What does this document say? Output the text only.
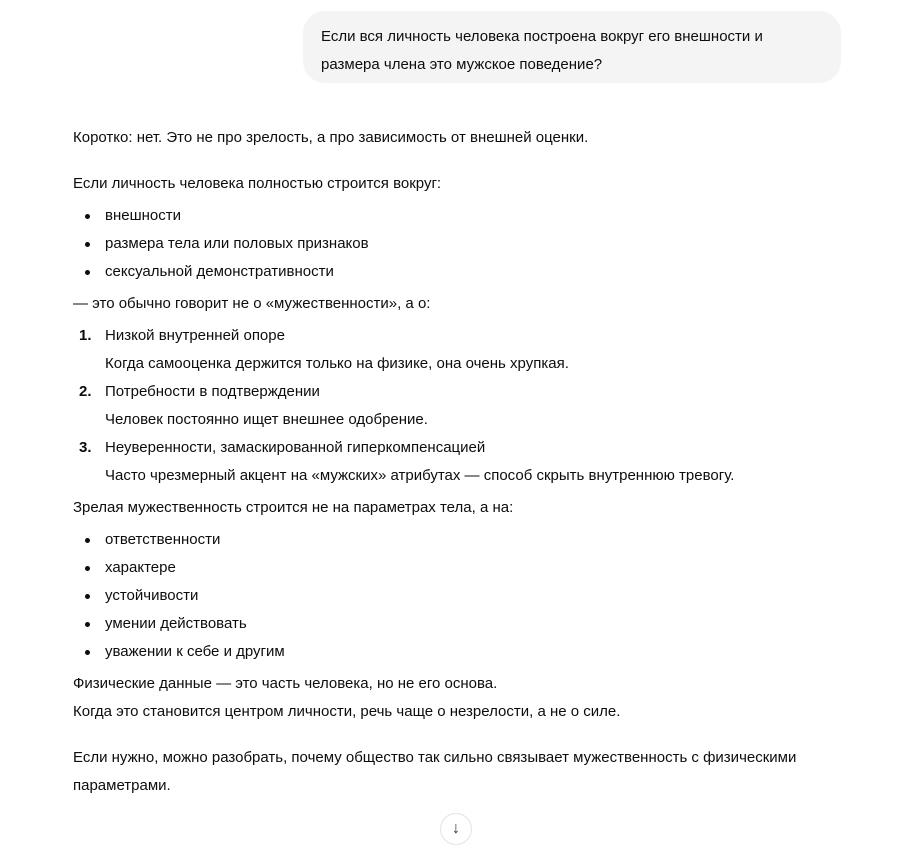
Если вся личность человека построена вокруг его внешности и
размера члена это мужское поведение?

Коротко: нет. Это не про зрелость, а про зависимость от внешней оценки.

Если личность человека полностью строится вокруг:

внешности
размера тела или половых признаков
сексуальной демонстративности

— это обычно говорит не о «мужественности», а о:

1. Низкой внутренней опоре
Когда самооценка держится только на физике, она очень хрупкая.
2. Потребности в подтверждении
Человек постоянно ищет внешнее одобрение.
3. Неуверенности, замаскированной гиперкомпенсацией
Часто чрезмерный акцент на «мужских» атрибутах — способ скрыть внутреннюю тревогу.

Зрелая мужественность строится не на параметрах тела, а на:

ответственности
характере
устойчивости
умении действовать
уважении к себе и другим

Физические данные — это часть человека, но не его основа.

Когда это становится центром личности, речь чаще о незрелости, а не о силе.

Если нужно, можно разобрать, почему общество так сильно связывает мужественность с физическими параметрами.

↓
